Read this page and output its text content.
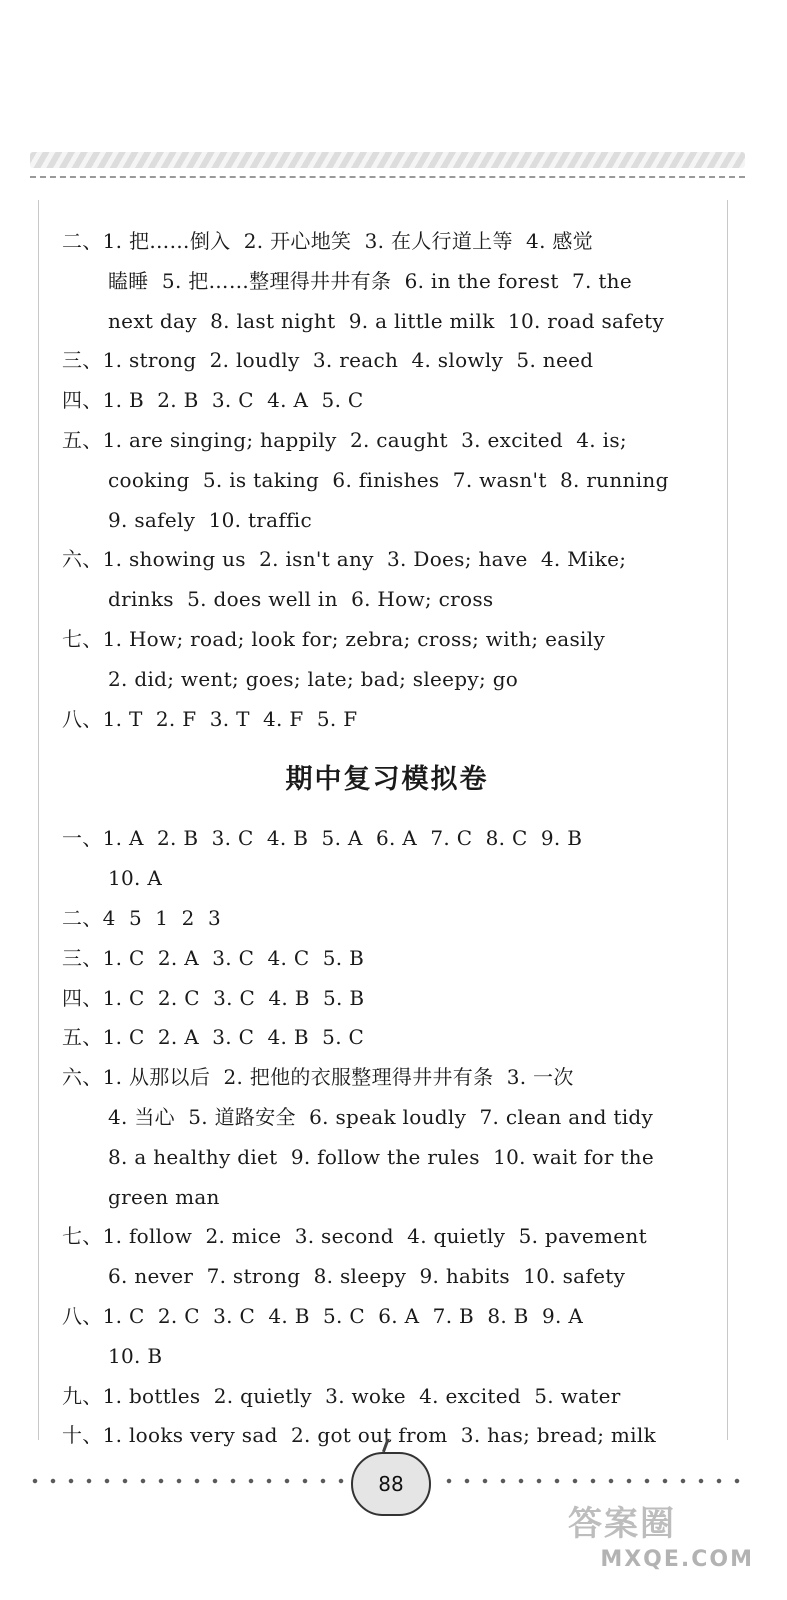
二、1. 把……倒入  2. 开心地笑  3. 在人行道上等  4. 感觉
瞌睡  5. 把……整理得井井有条  6. in the forest  7. the
next day  8. last night  9. a little milk  10. road safety
三、1. strong  2. loudly  3. reach  4. slowly  5. need
四、1. B  2. B  3. C  4. A  5. C
五、1. are singing; happily  2. caught  3. excited  4. is;
cooking  5. is taking  6. finishes  7. wasn't  8. running
9. safely  10. traffic
六、1. showing us  2. isn't any  3. Does; have  4. Mike;
drinks  5. does well in  6. How; cross
七、1. How; road; look for; zebra; cross; with; easily
2. did; went; goes; late; bad; sleepy; go
八、1. T  2. F  3. T  4. F  5. F
期中复习模拟卷
一、1. A  2. B  3. C  4. B  5. A  6. A  7. C  8. C  9. B
10. A
二、4  5  1  2  3
三、1. C  2. A  3. C  4. C  5. B
四、1. C  2. C  3. C  4. B  5. B
五、1. C  2. A  3. C  4. B  5. C
六、1. 从那以后  2. 把他的衣服整理得井井有条  3. 一次
4. 当心  5. 道路安全  6. speak loudly  7. clean and tidy
8. a healthy diet  9. follow the rules  10. wait for the
green man
七、1. follow  2. mice  3. second  4. quietly  5. pavement
6. never  7. strong  8. sleepy  9. habits  10. safety
八、1. C  2. C  3. C  4. B  5. C  6. A  7. B  8. B  9. A
10. B
九、1. bottles  2. quietly  3. woke  4. excited  5. water
十、1. looks very sad  2. got out from  3. has; bread; milk
88
答案圈
MXQE.COM
